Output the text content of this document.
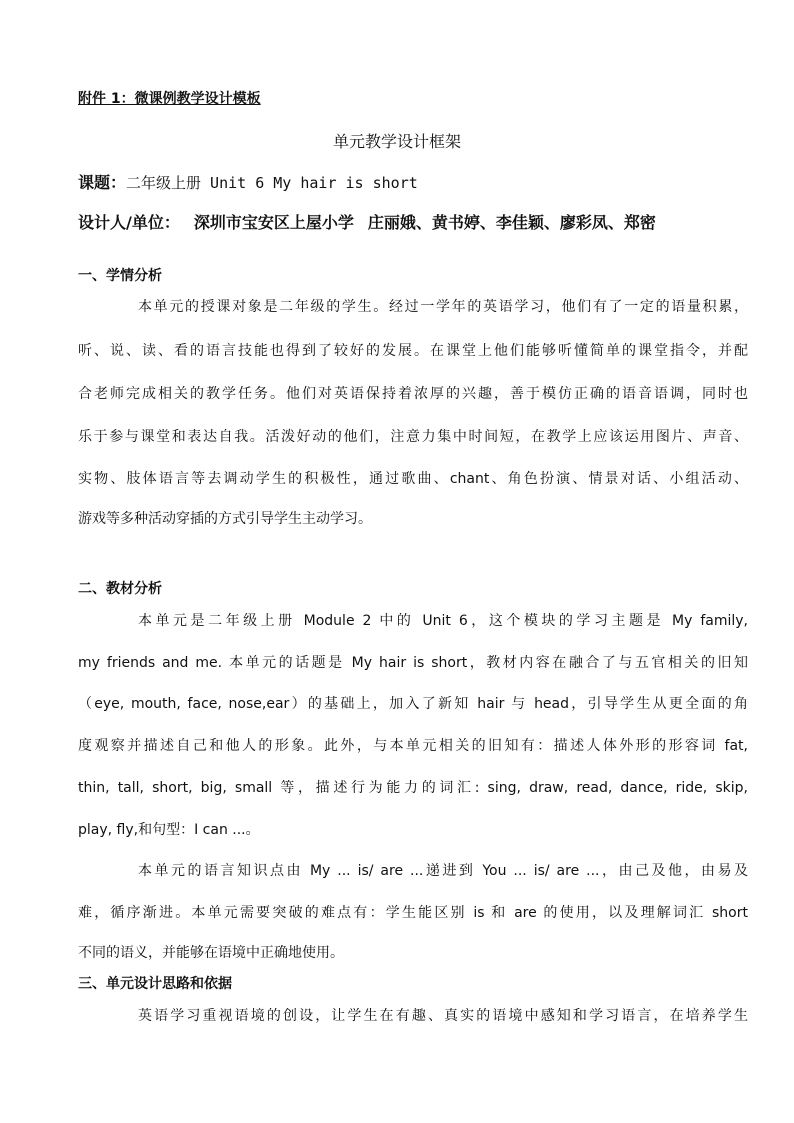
附件 1：微课例教学设计模板
单元教学设计框架
课题：二年级上册 Unit 6 My hair is short
设计人/单位： 深圳市宝安区上屋小学 庄丽娥、黄书婷、李佳颖、廖彩凤、郑密
一、学情分析
本单元的授课对象是二年级的学生。经过一学年的英语学习，他们有了一定的语量积累，
听、说、读、看的语言技能也得到了较好的发展。在课堂上他们能够听懂简单的课堂指令，并配
合老师完成相关的教学任务。他们对英语保持着浓厚的兴趣，善于模仿正确的语音语调，同时也
乐于参与课堂和表达自我。活泼好动的他们，注意力集中时间短，在教学上应该运用图片、声音、
实物、肢体语言等去调动学生的积极性，通过歌曲、chant、角色扮演、情景对话、小组活动、
游戏等多种活动穿插的方式引导学生主动学习。
二、教材分析
本单元是二年级上册 Module 2 中的 Unit 6，这个模块的学习主题是 My family,
my friends and me. 本单元的话题是 My hair is short，教材内容在融合了与五官相关的旧知
（eye, mouth, face, nose,ear）的基础上，加入了新知 hair 与 head，引导学生从更全面的角
度观察并描述自己和他人的形象。此外，与本单元相关的旧知有：描述人体外形的形容词 fat,
thin, tall, short, big, small 等，描述行为能力的词汇: sing, draw, read, dance, ride, skip,
play, fly,和句型：I can ...。
本单元的语言知识点由 My ... is/ are ...递进到 You ... is/ are ...，由己及他，由易及
难，循序渐进。本单元需要突破的难点有：学生能区别 is 和 are 的使用，以及理解词汇 short
不同的语义，并能够在语境中正确地使用。
三、单元设计思路和依据
英语学习重视语境的创设，让学生在有趣、真实的语境中感知和学习语言，在培养学生
